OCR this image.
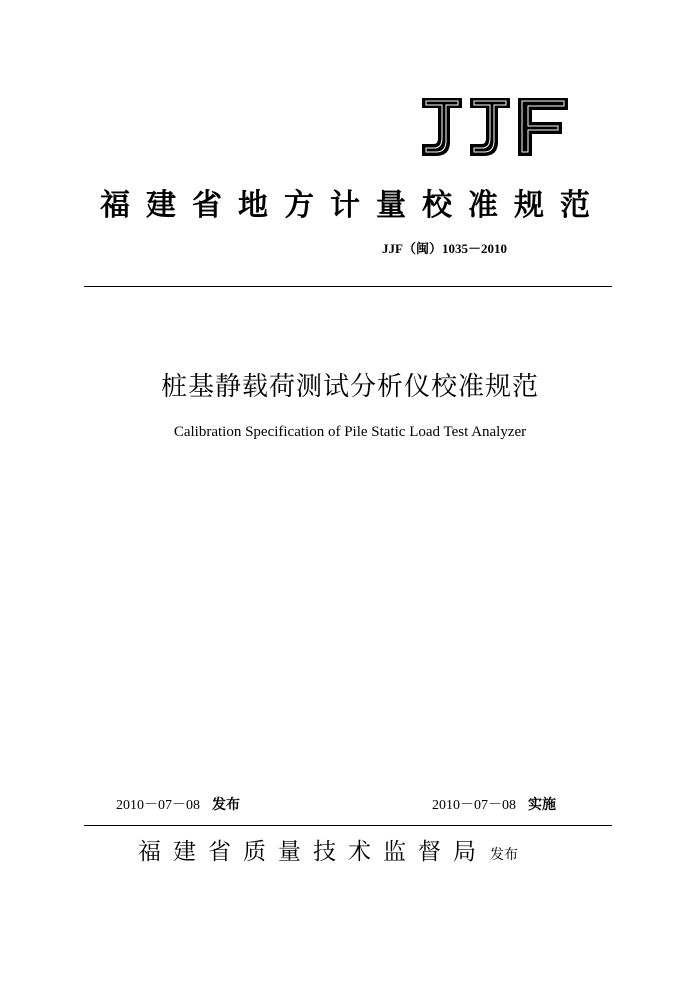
福建省地方计量校准规范
JJF（闽）1035－2010
桩基静载荷测试分析仪校准规范
Calibration Specification of Pile Static Load Test Analyzer
2010－07－08 发布	2010－07－08 实施
福建省质量技术监督局 发布
